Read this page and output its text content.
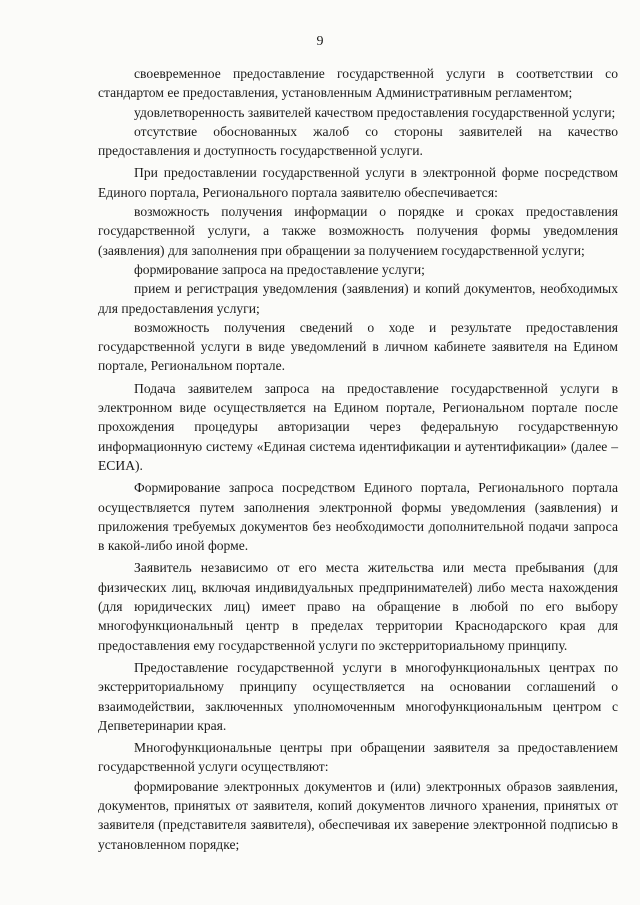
9

своевременное предоставление государственной услуги в соответствии со стандартом ее предоставления, установленным Административным регламентом;

удовлетворенность заявителей качеством предоставления государственной услуги;

отсутствие обоснованных жалоб со стороны заявителей на качество предоставления и доступность государственной услуги.

При предоставлении государственной услуги в электронной форме посредством Единого портала, Регионального портала заявителю обеспечивается:

возможность получения информации о порядке и сроках предоставления государственной услуги, а также возможность получения формы уведомления (заявления) для заполнения при обращении за получением государственной услуги;

формирование запроса на предоставление услуги;

прием и регистрация уведомления (заявления) и копий документов, необходимых для предоставления услуги;

возможность получения сведений о ходе и результате предоставления государственной услуги в виде уведомлений в личном кабинете заявителя на Едином портале, Региональном портале.

Подача заявителем запроса на предоставление государственной услуги в электронном виде осуществляется на Едином портале, Региональном портале после прохождения процедуры авторизации через федеральную государственную информационную систему «Единая система идентификации и аутентификации» (далее – ЕСИА).

Формирование запроса посредством Единого портала, Регионального портала осуществляется путем заполнения электронной формы уведомления (заявления) и приложения требуемых документов без необходимости дополнительной подачи запроса в какой-либо иной форме.

Заявитель независимо от его места жительства или места пребывания (для физических лиц, включая индивидуальных предпринимателей) либо места нахождения (для юридических лиц) имеет право на обращение в любой по его выбору многофункциональный центр в пределах территории Краснодарского края для предоставления ему государственной услуги по экстерриториальному принципу.

Предоставление государственной услуги в многофункциональных центрах по экстерриториальному принципу осуществляется на основании соглашений о взаимодействии, заключенных уполномоченным многофункциональным центром с Депветеринарии края.

Многофункциональные центры при обращении заявителя за предоставлением государственной услуги осуществляют:

формирование электронных документов и (или) электронных образов заявления, документов, принятых от заявителя, копий документов личного хранения, принятых от заявителя (представителя заявителя), обеспечивая их заверение электронной подписью в установленном порядке;
